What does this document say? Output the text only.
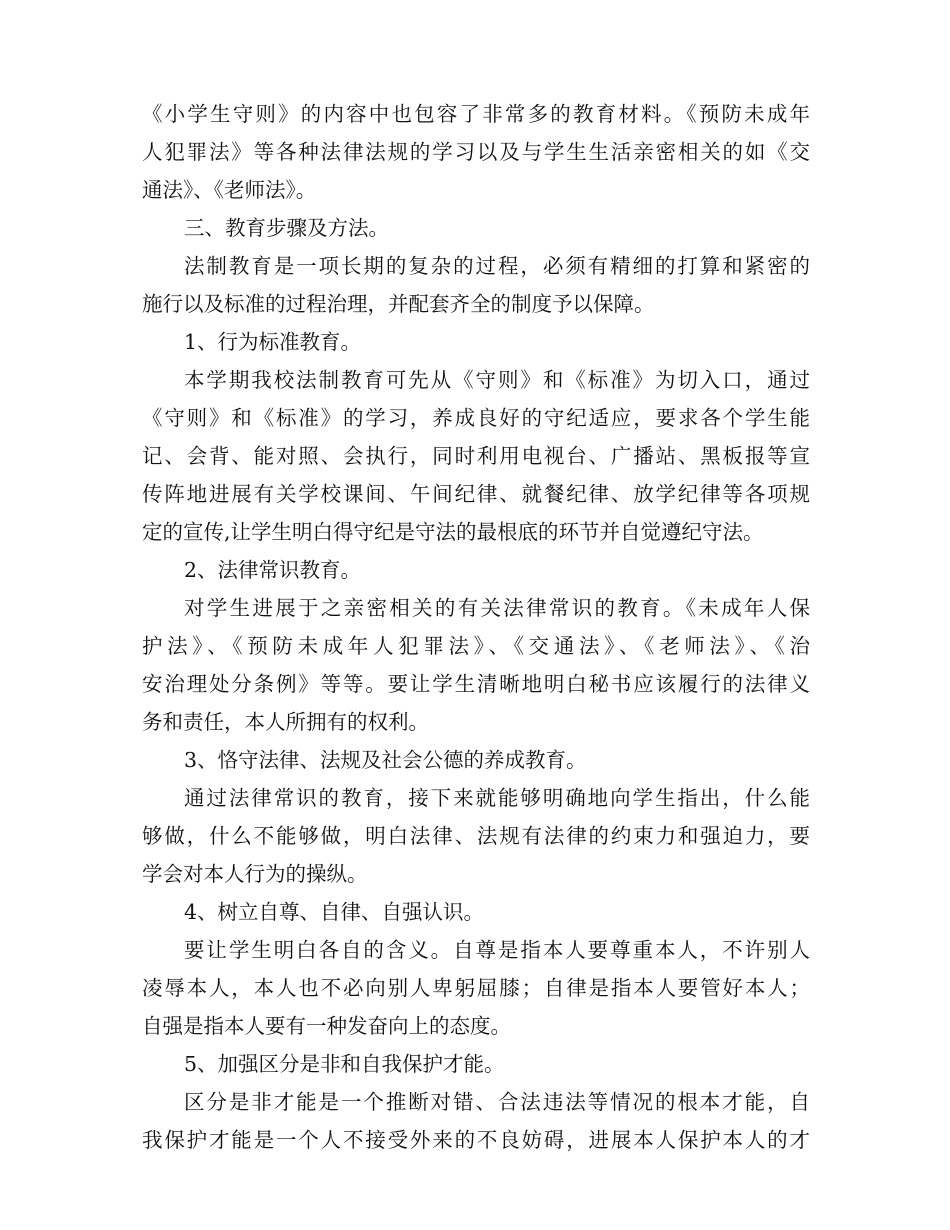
《小学生守则》的内容中也包容了非常多的教育材料。《预防未成年
人犯罪法》等各种法律法规的学习以及与学生生活亲密相关的如《交
通法》、《老师法》。
三、教育步骤及方法。
法制教育是一项长期的复杂的过程，必须有精细的打算和紧密的
施行以及标准的过程治理，并配套齐全的制度予以保障。
1、行为标准教育。
本学期我校法制教育可先从《守则》和《标准》为切入口，通过
《守则》和《标准》的学习，养成良好的守纪适应，要求各个学生能
记、会背、能对照、会执行，同时利用电视台、广播站、黑板报等宣
传阵地进展有关学校课间、午间纪律、就餐纪律、放学纪律等各项规
定的宣传,让学生明白得守纪是守法的最根底的环节并自觉遵纪守法。
2、法律常识教育。
对学生进展于之亲密相关的有关法律常识的教育。《未成年人保
护法》、《预防未成年人犯罪法》、《交通法》、《老师法》、《治
安治理处分条例》等等。要让学生清晰地明白秘书应该履行的法律义
务和责任，本人所拥有的权利。
3、恪守法律、法规及社会公德的养成教育。
通过法律常识的教育，接下来就能够明确地向学生指出，什么能
够做，什么不能够做，明白法律、法规有法律的约束力和强迫力，要
学会对本人行为的操纵。
4、树立自尊、自律、自强认识。
要让学生明白各自的含义。自尊是指本人要尊重本人，不许别人
凌辱本人，本人也不必向别人卑躬屈膝；自律是指本人要管好本人；
自强是指本人要有一种发奋向上的态度。
5、加强区分是非和自我保护才能。
区分是非才能是一个推断对错、合法违法等情况的根本才能，自
我保护才能是一个人不接受外来的不良妨碍，进展本人保护本人的才
